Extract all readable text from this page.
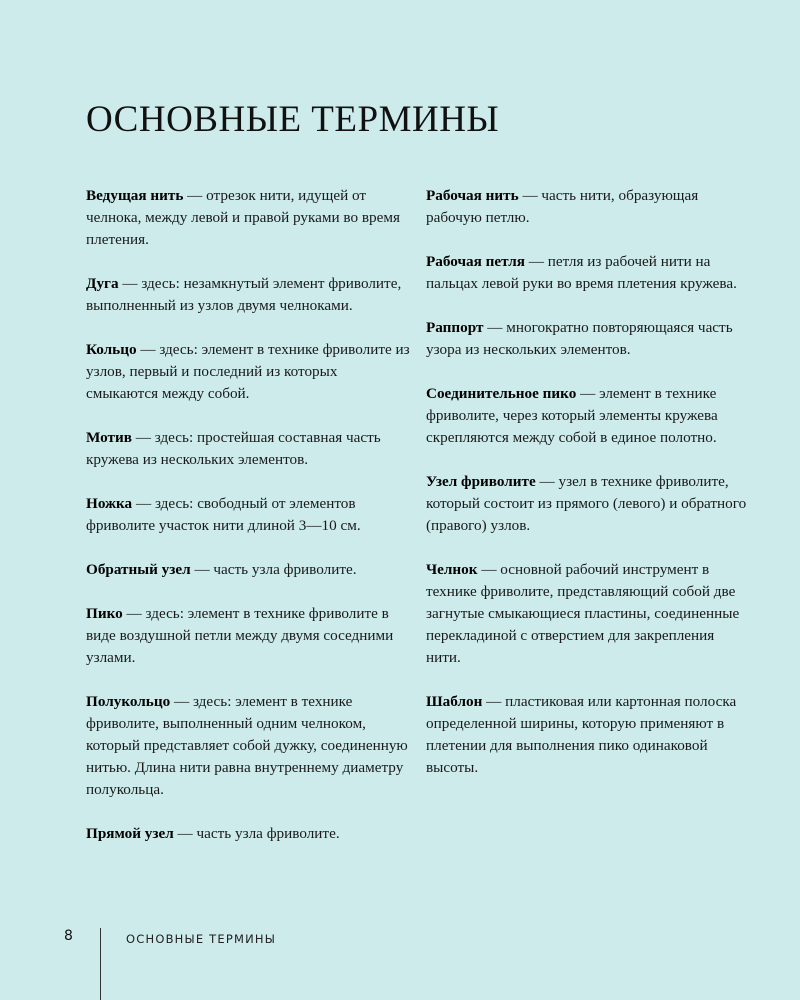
ОСНОВНЫЕ ТЕРМИНЫ

Ведущая нить — отрезок нити, идущей от челнока, между левой и правой руками во время плетения.

Дуга — здесь: незамкнутый элемент фриволите, выполненный из узлов двумя челноками.

Кольцо — здесь: элемент в технике фриволите из узлов, первый и последний из которых смыкаются между собой.

Мотив — здесь: простейшая составная часть кружева из нескольких элементов.

Ножка — здесь: свободный от элементов фриволите участок нити длиной 3—10 см.

Обратный узел — часть узла фриволите.

Пико — здесь: элемент в технике фриволите в виде воздушной петли между двумя соседними узлами.

Полукольцо — здесь: элемент в технике фриволите, выполненный одним челноком, который представляет собой дужку, соединенную нитью. Длина нити равна внутреннему диаметру полукольца.

Прямой узел — часть узла фриволите.

Рабочая нить — часть нити, образующая рабочую петлю.

Рабочая петля — петля из рабочей нити на пальцах левой руки во время плетения кружева.

Раппорт — многократно повторяющаяся часть узора из нескольких элементов.

Соединительное пико — элемент в технике фриволите, через который элементы кружева скрепляются между собой в единое полотно.

Узел фриволите — узел в технике фриволите, который состоит из прямого (левого) и обратного (правого) узлов.

Челнок — основной рабочий инструмент в технике фриволите, представляющий собой две загнутые смыкающиеся пластины, соединенные перекладиной с отверстием для закрепления нити.

Шаблон — пластиковая или картонная полоска определенной ширины, которую применяют в плетении для выполнения пико одинаковой высоты.

8	ОСНОВНЫЕ ТЕРМИНЫ
